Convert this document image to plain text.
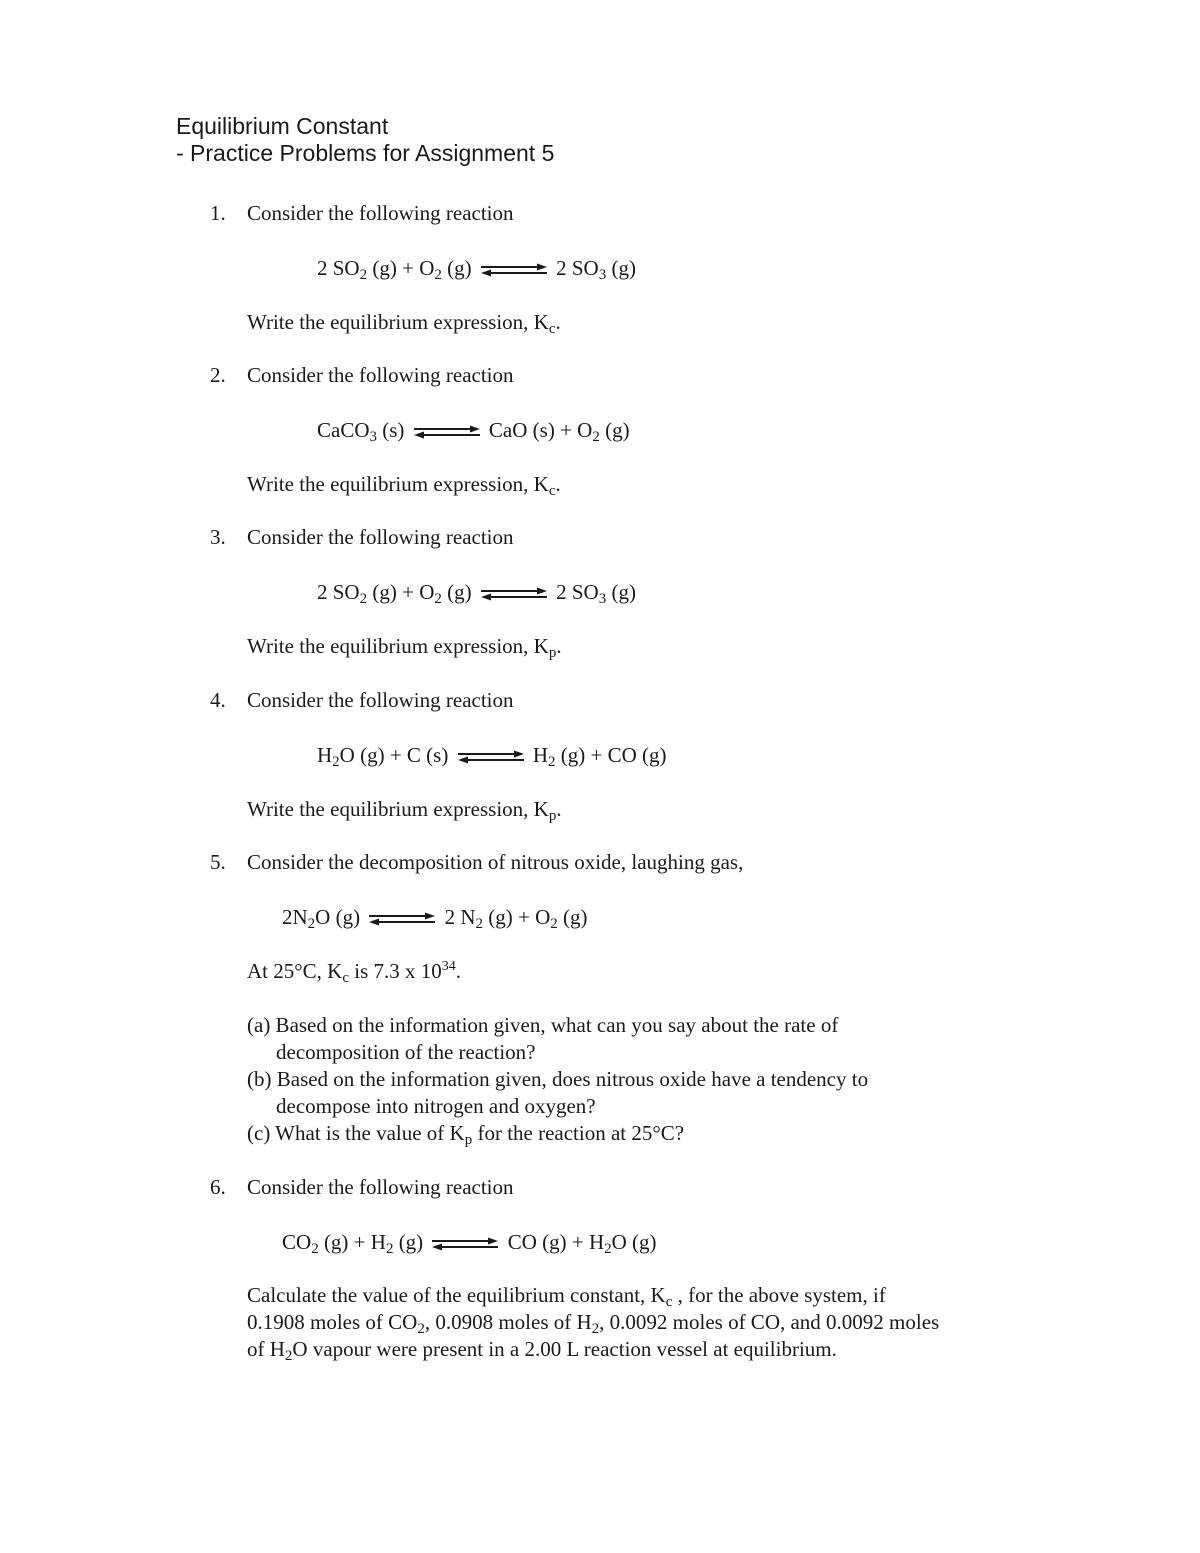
Equilibrium Constant
- Practice Problems for Assignment 5
1. Consider the following reaction
2 $SO_2$ $(g) + O_2$ (g) ⇌ 2 $SO_3$ (g)
Write the equilibrium expression, $K_c$.
2. Consider the following reaction
CaCO$_3$ (s) ⇌ CaO $(s) + O_2$ (g)
Write the equilibrium expression, $K_c$.
3. Consider the following reaction
2 $SO_2$ $(g) + O_2$ (g) ⇌ 2 $SO_3$ (g)
Write the equilibrium expression, $K_p$.
4. Consider the following reaction
$H_2O$ (g) + C (s) ⇌ $H_2$ (g) + CO (g)
Write the equilibrium expression, $K_p$.
5. Consider the decomposition of nitrous oxide, laughing gas,
$2N_2O$ (g) ⇌ 2 $N_2$ $(g) + O_2$ (g)
At 25°C, $K_c$ is 7.3 x $10^{34}$.
(a) Based on the information given, what can you say about the rate of
decomposition of the reaction?
(b) Based on the information given, does nitrous oxide have a tendency to
decompose into nitrogen and oxygen?
(c) What is the value of $K_p$ for the reaction at 25°C?
6. Consider the following reaction
$CO_2$ $(g) + H_2$ (g) ⇌ CO $(g) + H_2O$ (g)
Calculate the value of the equilibrium constant, $K_c$ , for the above system, if
0.1908 moles of $CO_2$, 0.0908 moles of $H_2$, 0.0092 moles of CO, and 0.0092 moles
of $H_2O$ vapour were present in a 2.00 L reaction vessel at equilibrium.
